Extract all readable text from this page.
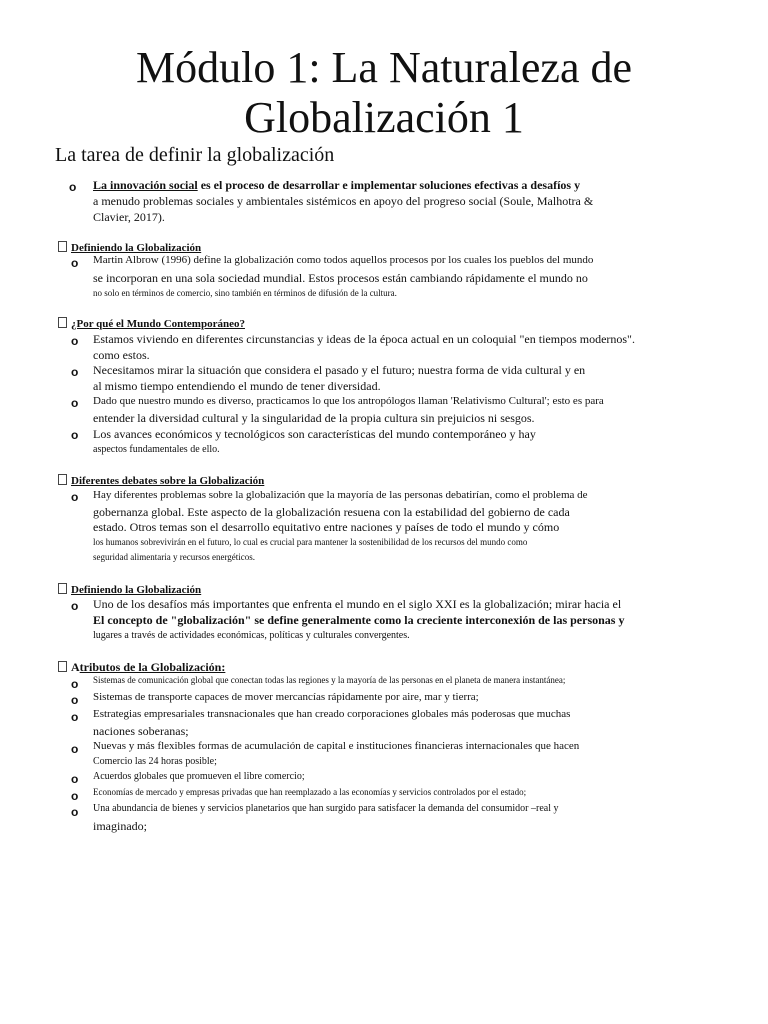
Módulo 1: La Naturaleza de
Globalización 1
La tarea de definir la globalización
o La innovación social es el proceso de desarrollar e implementar soluciones efectivas a desafíos y
a menudo problemas sociales y ambientales sistémicos en apoyo del progreso social (Soule, Malhotra &
Clavier, 2017).
Definiendo la Globalización
o Martin Albrow (1996) define la globalización como todos aquellos procesos por los cuales los pueblos del mundo
se incorporan en una sola sociedad mundial. Estos procesos están cambiando rápidamente el mundo no
no solo en términos de comercio, sino también en términos de difusión de la cultura.
¿Por qué el Mundo Contemporáneo?
o Estamos viviendo en diferentes circunstancias y ideas de la época actual en un coloquial "en tiempos modernos".
como estos.
o Necesitamos mirar la situación que considera el pasado y el futuro; nuestra forma de vida cultural y en
al mismo tiempo entendiendo el mundo de tener diversidad.
o Dado que nuestro mundo es diverso, practicamos lo que los antropólogos llaman 'Relativismo Cultural'; esto es para
entender la diversidad cultural y la singularidad de la propia cultura sin prejuicios ni sesgos.
o Los avances económicos y tecnológicos son características del mundo contemporáneo y hay
aspectos fundamentales de ello.
Diferentes debates sobre la Globalización
o Hay diferentes problemas sobre la globalización que la mayoría de las personas debatirían, como el problema de
gobernanza global. Este aspecto de la globalización resuena con la estabilidad del gobierno de cada
estado. Otros temas son el desarrollo equitativo entre naciones y países de todo el mundo y cómo
los humanos sobrevivirán en el futuro, lo cual es crucial para mantener la sostenibilidad de los recursos del mundo como
seguridad alimentaria y recursos energéticos.
Definiendo la Globalización
o Uno de los desafíos más importantes que enfrenta el mundo en el siglo XXI es la globalización; mirar hacia el
El concepto de "globalización" se define generalmente como la creciente interconexión de las personas y
lugares a través de actividades económicas, políticas y culturales convergentes.
Atributos de la Globalización:
o Sistemas de comunicación global que conectan todas las regiones y la mayoría de las personas en el planeta de manera instantánea;
o Sistemas de transporte capaces de mover mercancías rápidamente por aire, mar y tierra;
o Estrategias empresariales transnacionales que han creado corporaciones globales más poderosas que muchas
naciones soberanas;
o Nuevas y más flexibles formas de acumulación de capital e instituciones financieras internacionales que hacen
Comercio las 24 horas posible;
o Acuerdos globales que promueven el libre comercio;
o Economías de mercado y empresas privadas que han reemplazado a las economías y servicios controlados por el estado;
o Una abundancia de bienes y servicios planetarios que han surgido para satisfacer la demanda del consumidor –real y
imaginado;
